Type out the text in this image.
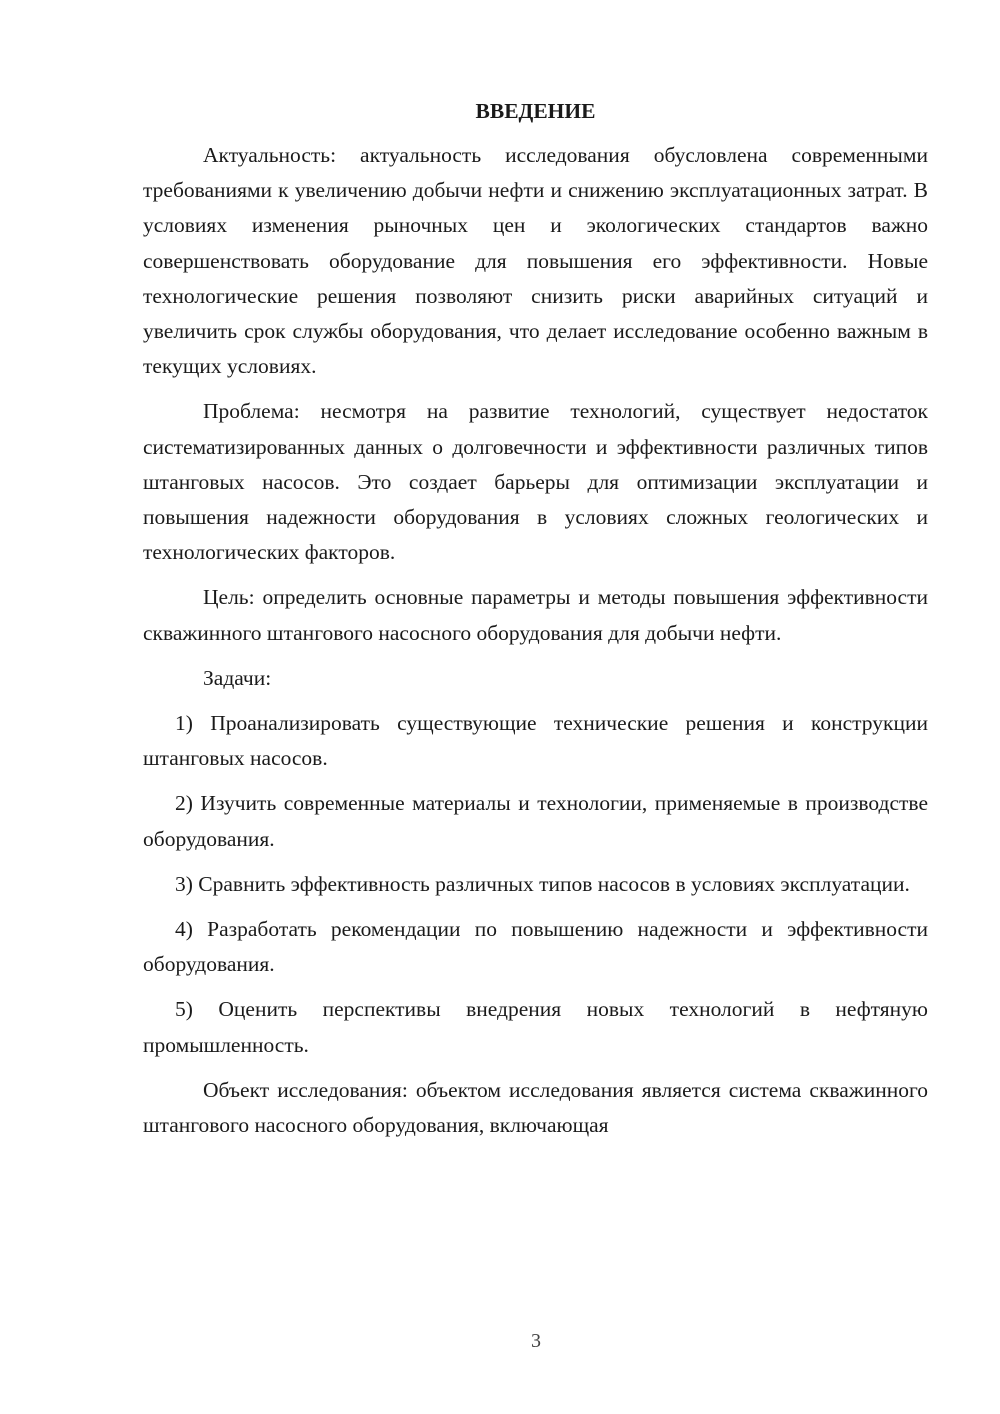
ВВЕДЕНИЕ

Актуальность: актуальность исследования обусловлена современными требованиями к увеличению добычи нефти и снижению эксплуатационных затрат. В условиях изменения рыночных цен и экологических стандартов важно совершенствовать оборудование для повышения его эффективности. Новые технологические решения позволяют снизить риски аварийных ситуаций и увеличить срок службы оборудования, что делает исследование особенно важным в текущих условиях.

Проблема: несмотря на развитие технологий, существует недостаток систематизированных данных о долговечности и эффективности различных типов штанговых насосов. Это создает барьеры для оптимизации эксплуатации и повышения надежности оборудования в условиях сложных геологических и технологических факторов.

Цель: определить основные параметры и методы повышения эффективности скважинного штангового насосного оборудования для добычи нефти.

Задачи:

1) Проанализировать существующие технические решения и конструкции штанговых насосов.

2) Изучить современные материалы и технологии, применяемые в производстве оборудования.

3) Сравнить эффективность различных типов насосов в условиях эксплуатации.

4) Разработать рекомендации по повышению надежности и эффективности оборудования.

5) Оценить перспективы внедрения новых технологий в нефтяную промышленность.

Объект исследования: объектом исследования является система скважинного штангового насосного оборудования, включающая

3
